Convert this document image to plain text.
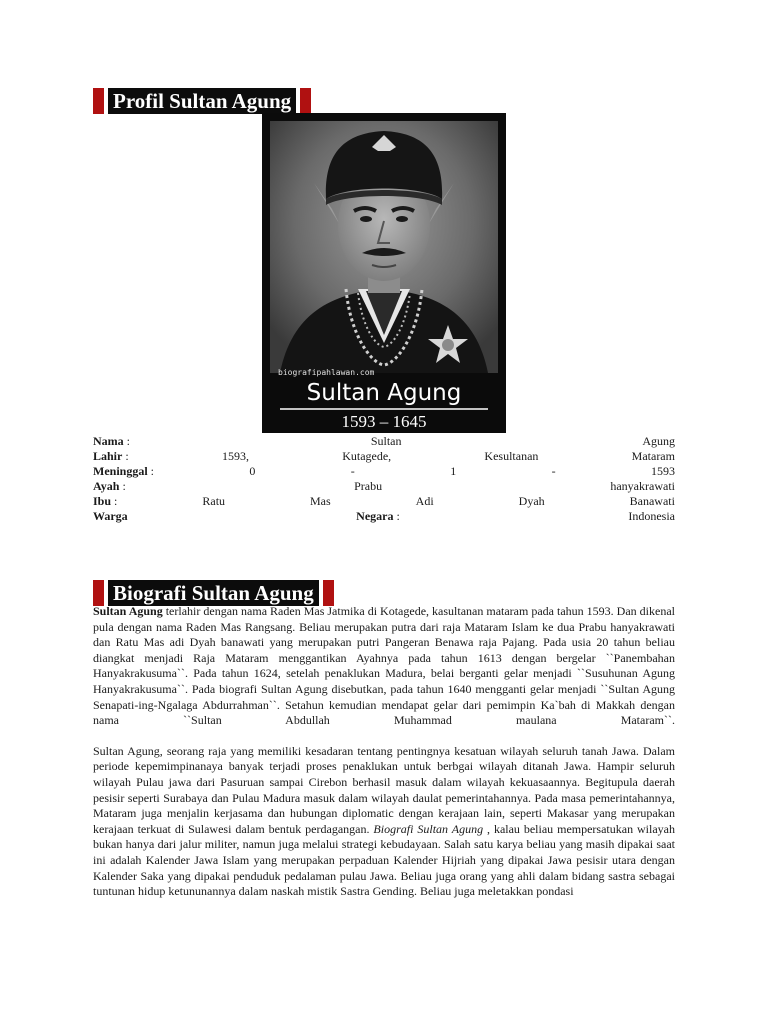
Profil Sultan Agung
biografipahlawan.com
Sultan Agung
1593 – 1645
Nama :	Sultan	Agung
Lahir :	1593,	Kutagede,	Kesultanan	Mataram
Meninggal :	0	-	1	-	1593
Ayah :	Prabu	hanyakrawati
Ibu :	Ratu	Mas	Adi	Dyah	Banawati
Warga	Negara :	Indonesia
Biografi Sultan Agung

Sultan Agung terlahir dengan nama Raden Mas Jatmika di Kotagede, kasultanan mataram pada tahun 1593. Dan dikenal pula dengan nama Raden Mas Rangsang. Beliau merupakan putra dari raja Mataram Islam ke dua Prabu hanyakrawati dan Ratu Mas adi Dyah banawati yang merupakan putri Pangeran Benawa raja Pajang. Pada usia 20 tahun beliau diangkat menjadi Raja Mataram menggantikan Ayahnya pada tahun 1613 dengan bergelar ``Panembahan Hanyakrakusuma``. Pada tahun 1624, setelah penaklukan Madura, belai berganti gelar menjadi ``Susuhunan Agung Hanyakrakusuma``. Pada biografi Sultan Agung disebutkan, pada tahun 1640 mengganti gelar menjadi ``Sultan Agung Senapati-ing-Ngalaga Abdurrahman``. Setahun kemudian mendapat gelar dari pemimpin Ka`bah di Makkah dengan nama ``Sultan Abdullah Muhammad maulana Mataram``.

Sultan Agung, seorang raja yang memiliki kesadaran tentang pentingnya kesatuan wilayah seluruh tanah Jawa. Dalam periode kepemimpinanaya banyak terjadi proses penaklukan untuk berbgai wilayah ditanah Jawa. Hampir seluruh wilayah Pulau jawa dari Pasuruan sampai Cirebon berhasil masuk dalam wilayah kekuasaannya. Begitupula daerah pesisir seperti Surabaya dan Pulau Madura masuk dalam wilayah daulat pemerintahannya. Pada masa pemerintahannya, Mataram juga menjalin kerjasama dan hubungan diplomatic dengan kerajaan lain, seperti Makasar yang merupakan kerajaan terkuat di Sulawesi dalam bentuk perdagangan. Biografi Sultan Agung , kalau beliau mempersatukan wilayah bukan hanya dari jalur militer, namun juga melalui strategi kebudayaan. Salah satu karya beliau yang masih dipakai saat ini adalah Kalender Jawa Islam yang merupakan perpaduan Kalender Hijriah yang dipakai Jawa pesisir utara dengan Kalender Saka yang dipakai penduduk pedalaman pulau Jawa. Beliau juga orang yang ahli dalam bidang sastra sebagai tuntunan hidup ketununannya dalam naskah mistik Sastra Gending. Beliau juga meletakkan pondasi
